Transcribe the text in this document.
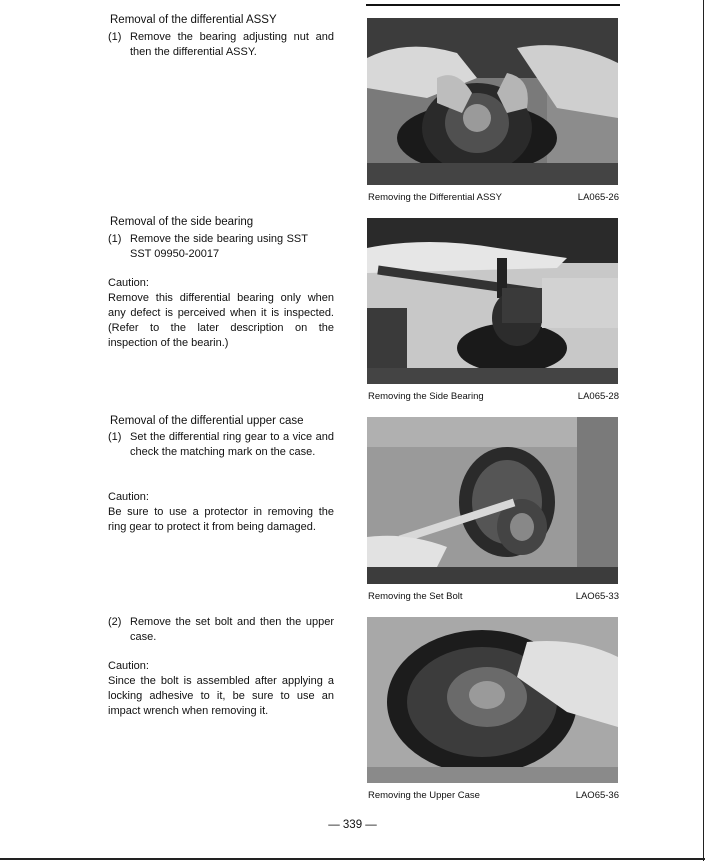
Removal of the differential ASSY
(1) Remove the bearing adjusting nut and then the differential ASSY.
Removing the Differential ASSY	LA065-26
Removal of the side bearing
(1) Remove the side bearing using SST SST 09950-20017
Caution:
Remove this differential bearing only when any defect is perceived when it is inspected. (Refer to the later description on the inspection of the bearin.)
Removing the Side Bearing	LA065-28
Removal of the differential upper case
(1) Set the differential ring gear to a vice and check the matching mark on the case.
Caution:
Be sure to use a protector in removing the ring gear to protect it from being damaged.
Removing the Set Bolt	LAO65-33
(2) Remove the set bolt and then the upper case.
Caution:
Since the bolt is assembled after applying a locking adhesive to it, be sure to use an impact wrench when removing it.
Removing the Upper Case	LAO65-36
— 339 —
